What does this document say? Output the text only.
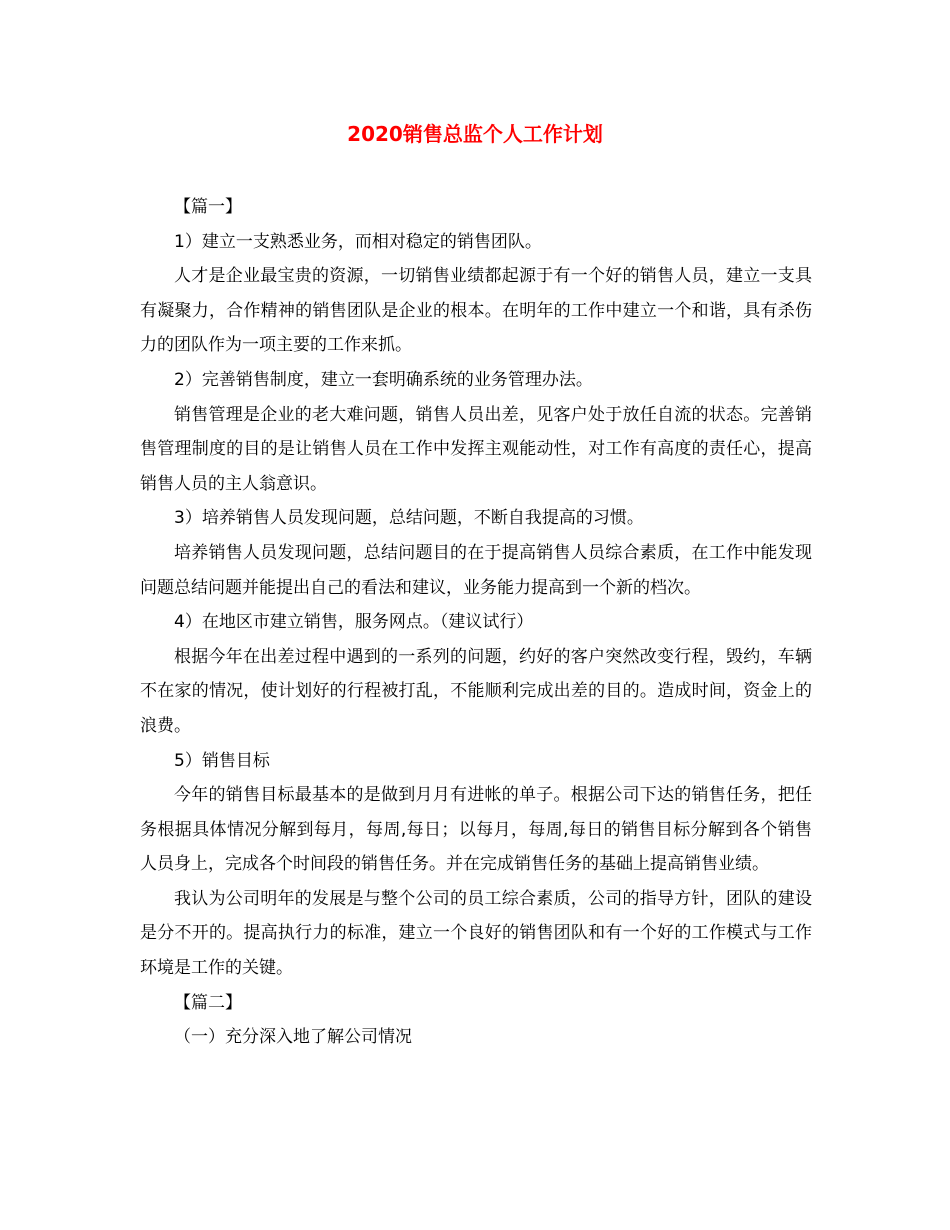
2020销售总监个人工作计划

【篇一】

1）建立一支熟悉业务，而相对稳定的销售团队。

人才是企业最宝贵的资源，一切销售业绩都起源于有一个好的销售人员，建立一支具有凝聚力，合作精神的销售团队是企业的根本。在明年的工作中建立一个和谐，具有杀伤力的团队作为一项主要的工作来抓。

2）完善销售制度，建立一套明确系统的业务管理办法。

销售管理是企业的老大难问题，销售人员出差，见客户处于放任自流的状态。完善销售管理制度的目的是让销售人员在工作中发挥主观能动性，对工作有高度的责任心，提高销售人员的主人翁意识。

3）培养销售人员发现问题，总结问题，不断自我提高的习惯。

培养销售人员发现问题，总结问题目的在于提高销售人员综合素质，在工作中能发现问题总结问题并能提出自己的看法和建议，业务能力提高到一个新的档次。

4）在地区市建立销售，服务网点。（建议试行）

根据今年在出差过程中遇到的一系列的问题，约好的客户突然改变行程，毁约，车辆不在家的情况，使计划好的行程被打乱，不能顺利完成出差的目的。造成时间，资金上的浪费。

5）销售目标

今年的销售目标最基本的是做到月月有进帐的单子。根据公司下达的销售任务，把任务根据具体情况分解到每月，每周,每日；以每月，每周,每日的销售目标分解到各个销售人员身上，完成各个时间段的销售任务。并在完成销售任务的基础上提高销售业绩。

我认为公司明年的发展是与整个公司的员工综合素质，公司的指导方针，团队的建设是分不开的。提高执行力的标准，建立一个良好的销售团队和有一个好的工作模式与工作环境是工作的关键。

【篇二】

（一）充分深入地了解公司情况
